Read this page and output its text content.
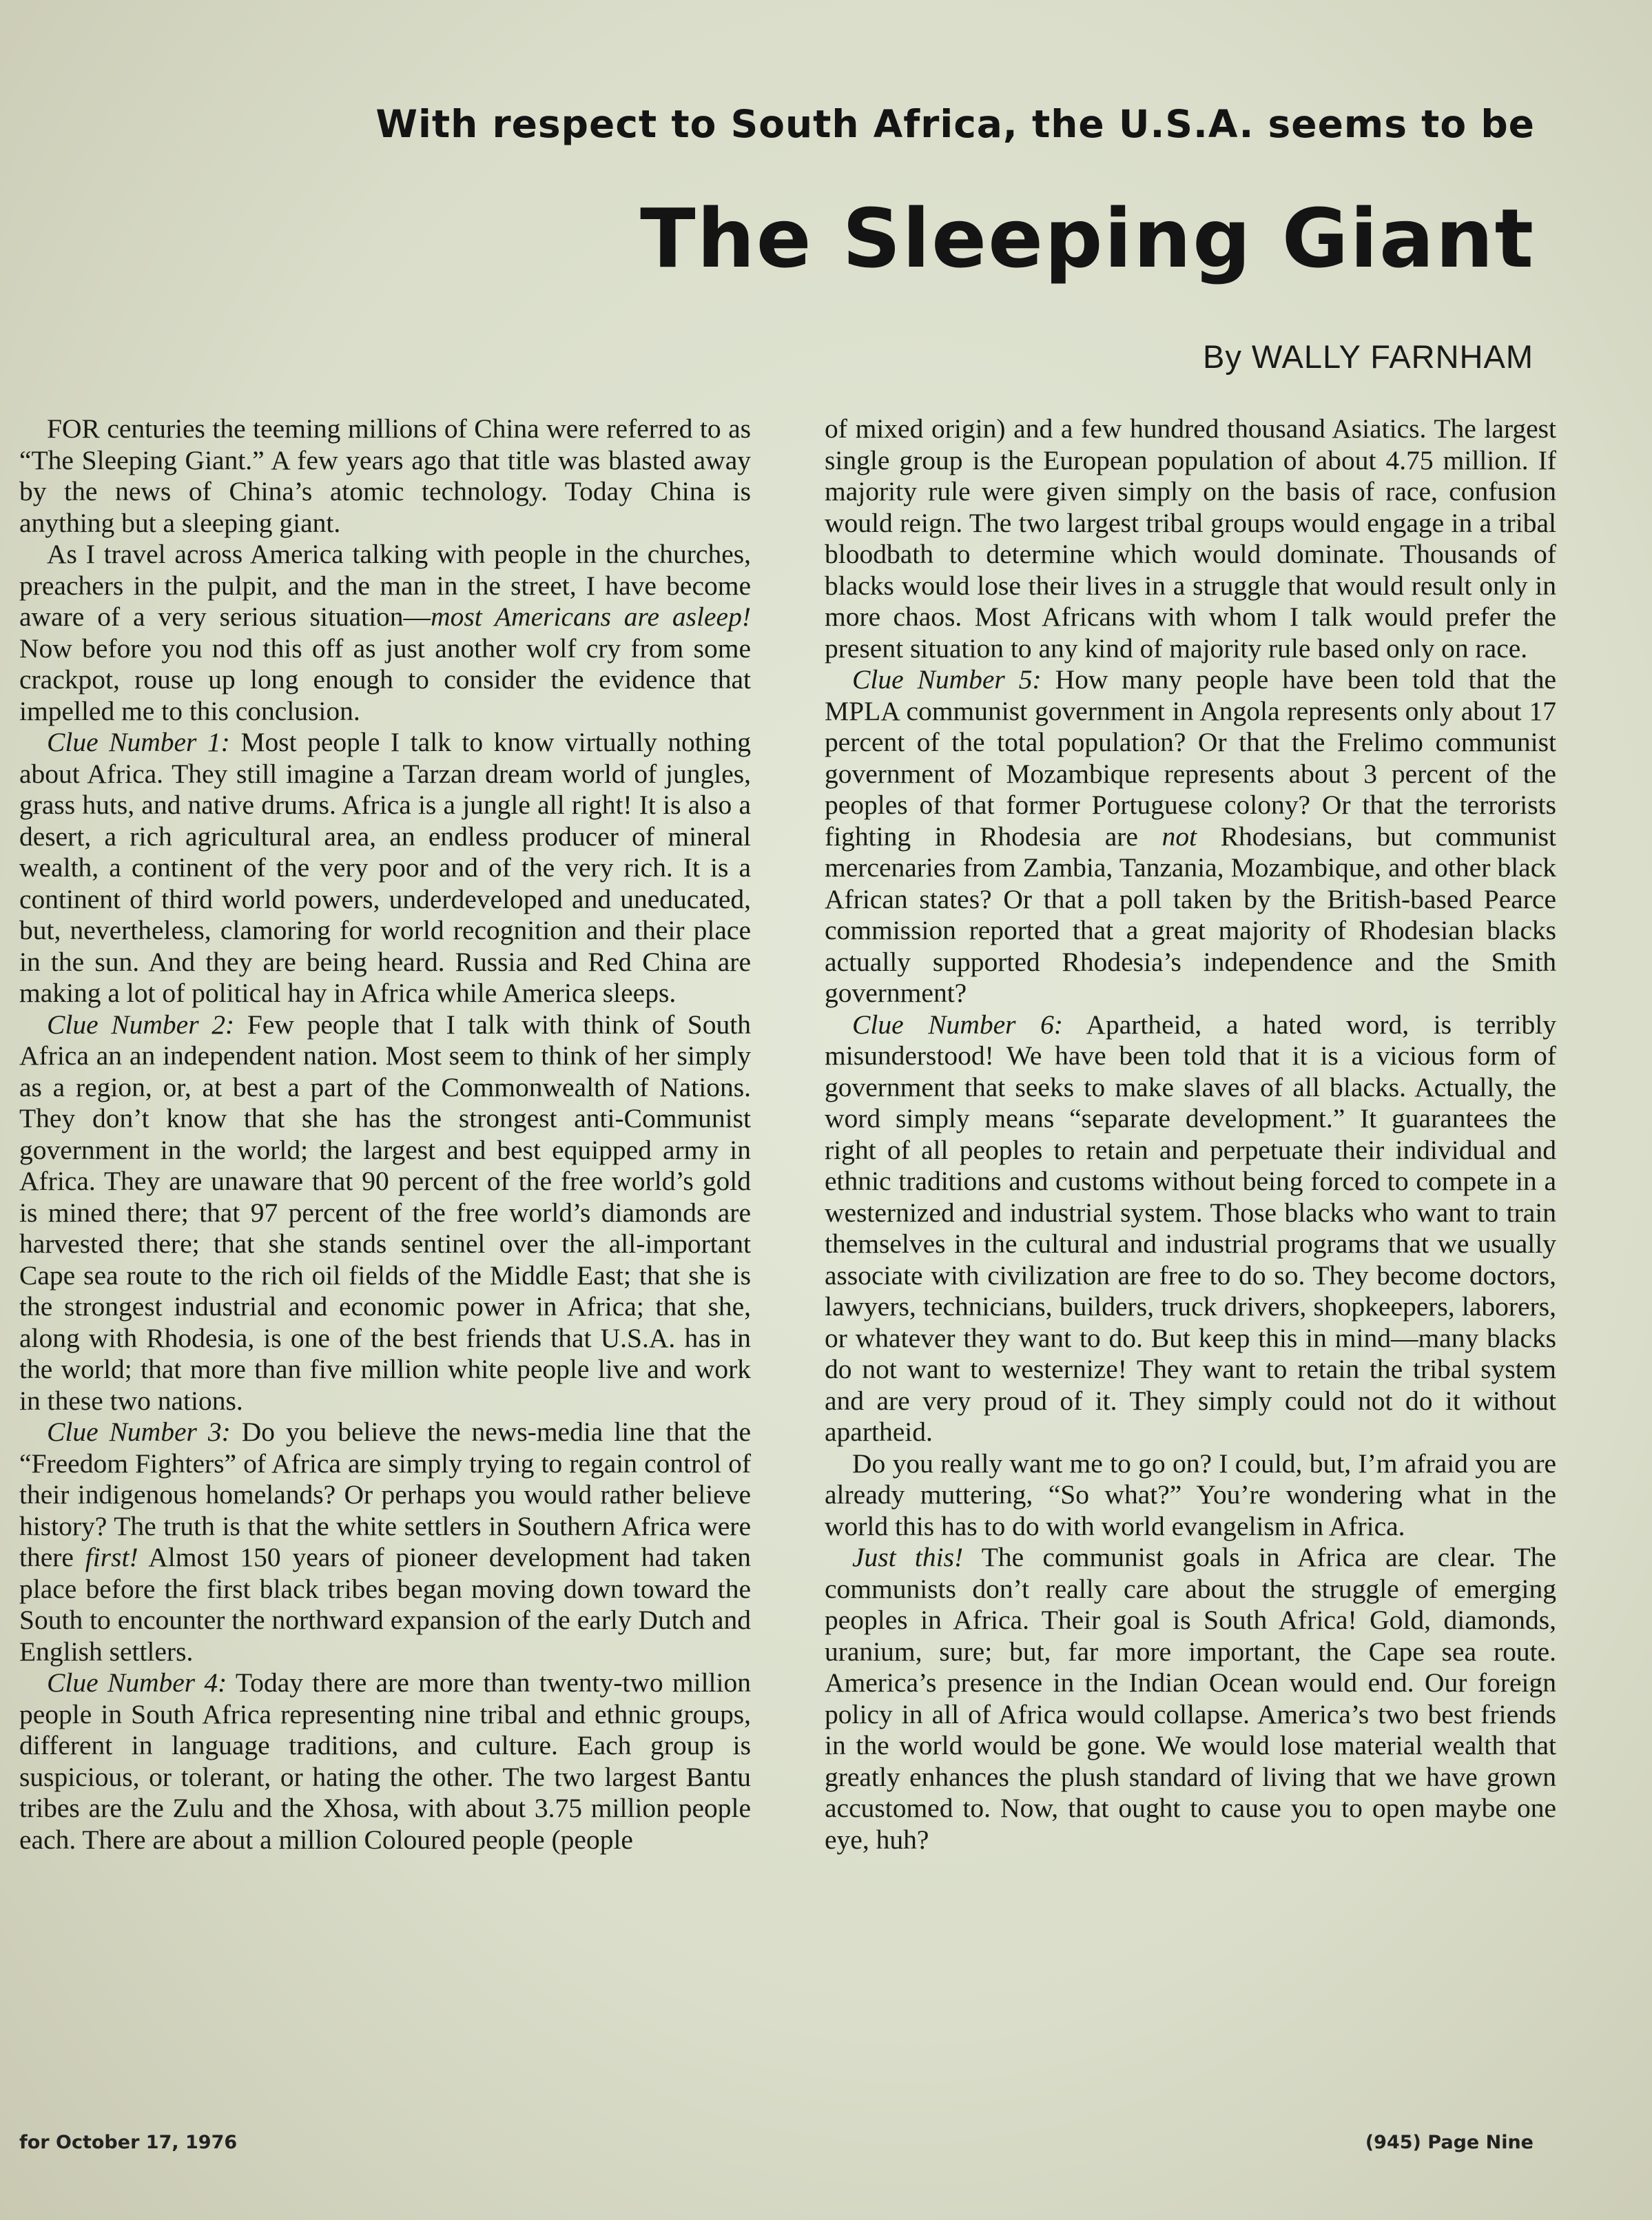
With respect to South Africa, the U.S.A. seems to be
The Sleeping Giant

By WALLY FARNHAM

FOR centuries the teeming millions of China were referred to as “The Sleeping Giant.” A few years ago that title was blasted away by the news of China’s atomic technology. Today China is anything but a sleeping giant.

As I travel across America talking with people in the churches, preachers in the pulpit, and the man in the street, I have become aware of a very serious situation—most Americans are asleep! Now before you nod this off as just another wolf cry from some crackpot, rouse up long enough to consider the evidence that impelled me to this conclusion.

Clue Number 1: Most people I talk to know virtually nothing about Africa. They still imagine a Tarzan dream world of jungles, grass huts, and native drums. Africa is a jungle all right! It is also a desert, a rich agricultural area, an endless producer of mineral wealth, a continent of the very poor and of the very rich. It is a continent of third world powers, underdeveloped and uneducated, but, nevertheless, clamoring for world recognition and their place in the sun. And they are being heard. Russia and Red China are making a lot of political hay in Africa while America sleeps.

Clue Number 2: Few people that I talk with think of South Africa an an independent nation. Most seem to think of her simply as a region, or, at best a part of the Commonwealth of Nations. They don’t know that she has the strongest anti-Communist government in the world; the largest and best equipped army in Africa. They are unaware that 90 percent of the free world’s gold is mined there; that 97 percent of the free world’s diamonds are harvested there; that she stands sentinel over the all-important Cape sea route to the rich oil fields of the Middle East; that she is the strongest industrial and economic power in Africa; that she, along with Rhodesia, is one of the best friends that U.S.A. has in the world; that more than five million white people live and work in these two nations.

Clue Number 3: Do you believe the news-media line that the “Freedom Fighters” of Africa are simply trying to regain control of their indigenous homelands? Or perhaps you would rather believe history? The truth is that the white settlers in Southern Africa were there first! Almost 150 years of pioneer development had taken place before the first black tribes began moving down toward the South to encounter the northward expansion of the early Dutch and English settlers.

Clue Number 4: Today there are more than twenty-two million people in South Africa representing nine tribal and ethnic groups, different in language traditions, and culture. Each group is suspicious, or tolerant, or hating the other. The two largest Bantu tribes are the Zulu and the Xhosa, with about 3.75 million people each. There are about a million Coloured people (people

of mixed origin) and a few hundred thousand Asiatics. The largest single group is the European population of about 4.75 million. If majority rule were given simply on the basis of race, confusion would reign. The two largest tribal groups would engage in a tribal bloodbath to determine which would dominate. Thousands of blacks would lose their lives in a struggle that would result only in more chaos. Most Africans with whom I talk would prefer the present situation to any kind of majority rule based only on race.

Clue Number 5: How many people have been told that the MPLA communist government in Angola represents only about 17 percent of the total population? Or that the Frelimo communist government of Mozambique represents about 3 percent of the peoples of that former Portuguese colony? Or that the terrorists fighting in Rhodesia are not Rhodesians, but communist mercenaries from Zambia, Tanzania, Mozambique, and other black African states? Or that a poll taken by the British-based Pearce commission reported that a great majority of Rhodesian blacks actually supported Rhodesia’s independence and the Smith government?

Clue Number 6: Apartheid, a hated word, is terribly misunderstood! We have been told that it is a vicious form of government that seeks to make slaves of all blacks. Actually, the word simply means “separate development.” It guarantees the right of all peoples to retain and perpetuate their individual and ethnic traditions and customs without being forced to compete in a westernized and industrial system. Those blacks who want to train themselves in the cultural and industrial programs that we usually associate with civilization are free to do so. They become doctors, lawyers, technicians, builders, truck drivers, shopkeepers, laborers, or whatever they want to do. But keep this in mind—many blacks do not want to westernize! They want to retain the tribal system and are very proud of it. They simply could not do it without apartheid.

Do you really want me to go on? I could, but, I’m afraid you are already muttering, “So what?” You’re wondering what in the world this has to do with world evangelism in Africa.

Just this! The communist goals in Africa are clear. The communists don’t really care about the struggle of emerging peoples in Africa. Their goal is South Africa! Gold, diamonds, uranium, sure; but, far more important, the Cape sea route. America’s presence in the Indian Ocean would end. Our foreign policy in all of Africa would collapse. America’s two best friends in the world would be gone. We would lose material wealth that greatly enhances the plush standard of living that we have grown accustomed to. Now, that ought to cause you to open maybe one eye, huh?

for October 17, 1976	(945) Page Nine
